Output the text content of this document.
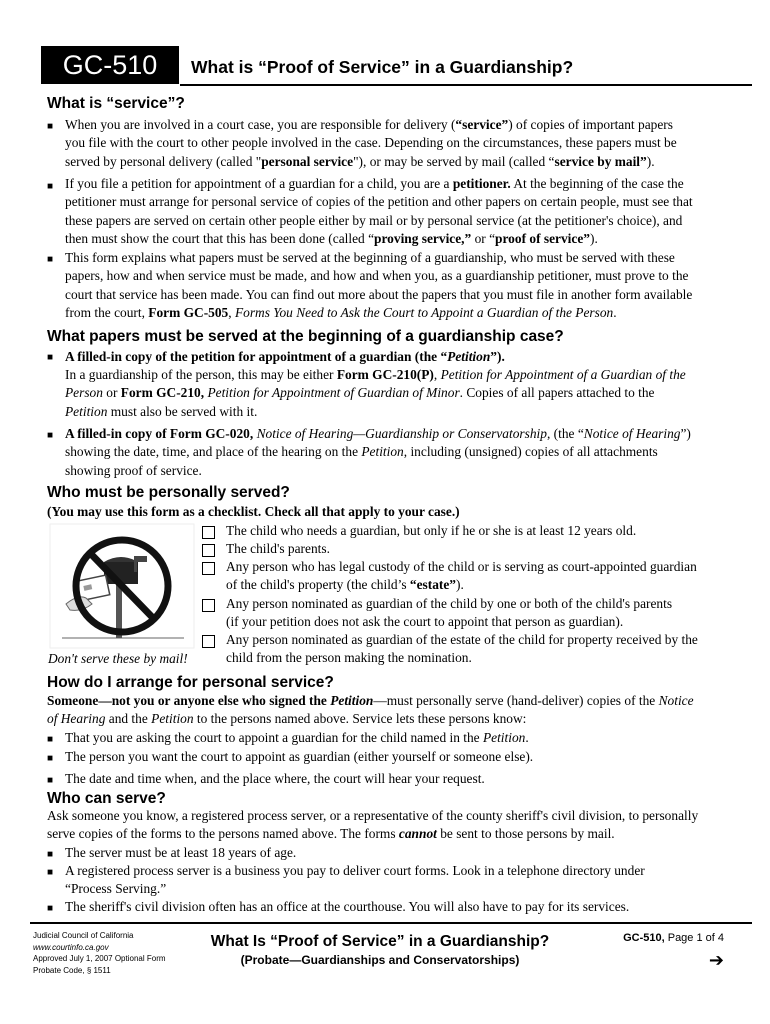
GC-510	What is “Proof of Service” in a Guardianship?
What is “service”?
■ When you are involved in a court case, you are responsible for delivery (“service”) of copies of important papers
you file with the court to other people involved in the case. Depending on the circumstances, these papers must be
served by personal delivery (called "personal service"), or may be served by mail (called “service by mail”).
■ If you file a petition for appointment of a guardian for a child, you are a petitioner. At the beginning of the case the
petitioner must arrange for personal service of copies of the petition and other papers on certain people, must see that
these papers are served on certain other people either by mail or by personal service (at the petitioner's choice), and
then must show the court that this has been done (called “proving service,” or “proof of service”).
■ This form explains what papers must be served at the beginning of a guardianship, who must be served with these
papers, how and when service must be made, and how and when you, as a guardianship petitioner, must prove to the
court that service has been made. You can find out more about the papers that you must file in another form available
from the court, Form GC-505, Forms You Need to Ask the Court to Appoint a Guardian of the Person.
What papers must be served at the beginning of a guardianship case?
■ A filled-in copy of the petition for appointment of a guardian (the “Petition”).
In a guardianship of the person, this may be either Form GC-210(P), Petition for Appointment of a Guardian of the
Person or Form GC-210, Petition for Appointment of Guardian of Minor. Copies of all papers attached to the
Petition must also be served with it.
■ A filled-in copy of Form GC-020, Notice of Hearing—Guardianship or Conservatorship, (the “Notice of Hearing”)
showing the date, time, and place of the hearing on the Petition, including (unsigned) copies of all attachments
showing proof of service.
Who must be personally served?
(You may use this form as a checklist. Check all that apply to your case.)
Don't serve these by mail!
The child who needs a guardian, but only if he or she is at least 12 years old.
The child's parents.
Any person who has legal custody of the child or is serving as court-appointed guardian
of the child's property (the child’s “estate”).
Any person nominated as guardian of the child by one or both of the child's parents
(if your petition does not ask the court to appoint that person as guardian).
Any person nominated as guardian of the estate of the child for property received by the
child from the person making the nomination.
How do I arrange for personal service?
Someone—not you or anyone else who signed the Petition—must personally serve (hand-deliver) copies of the Notice
of Hearing and the Petition to the persons named above. Service lets these persons know:
■ That you are asking the court to appoint a guardian for the child named in the Petition.
■ The person you want the court to appoint as guardian (either yourself or someone else).
■ The date and time when, and the place where, the court will hear your request.
Who can serve?
Ask someone you know, a registered process server, or a representative of the county sheriff's civil division, to personally
serve copies of the forms to the persons named above. The forms cannot be sent to those persons by mail.
■ The server must be at least 18 years of age.
■ A registered process server is a business you pay to deliver court forms. Look in a telephone directory under
“Process Serving.”
■ The sheriff's civil division often has an office at the courthouse. You will also have to pay for its services.
Judicial Council of California
www.courtinfo.ca.gov
Approved July 1, 2007 Optional Form
Probate Code, § 1511
What Is “Proof of Service” in a Guardianship?
(Probate—Guardianships and Conservatorships)
GC-510, Page 1 of 4
➔
